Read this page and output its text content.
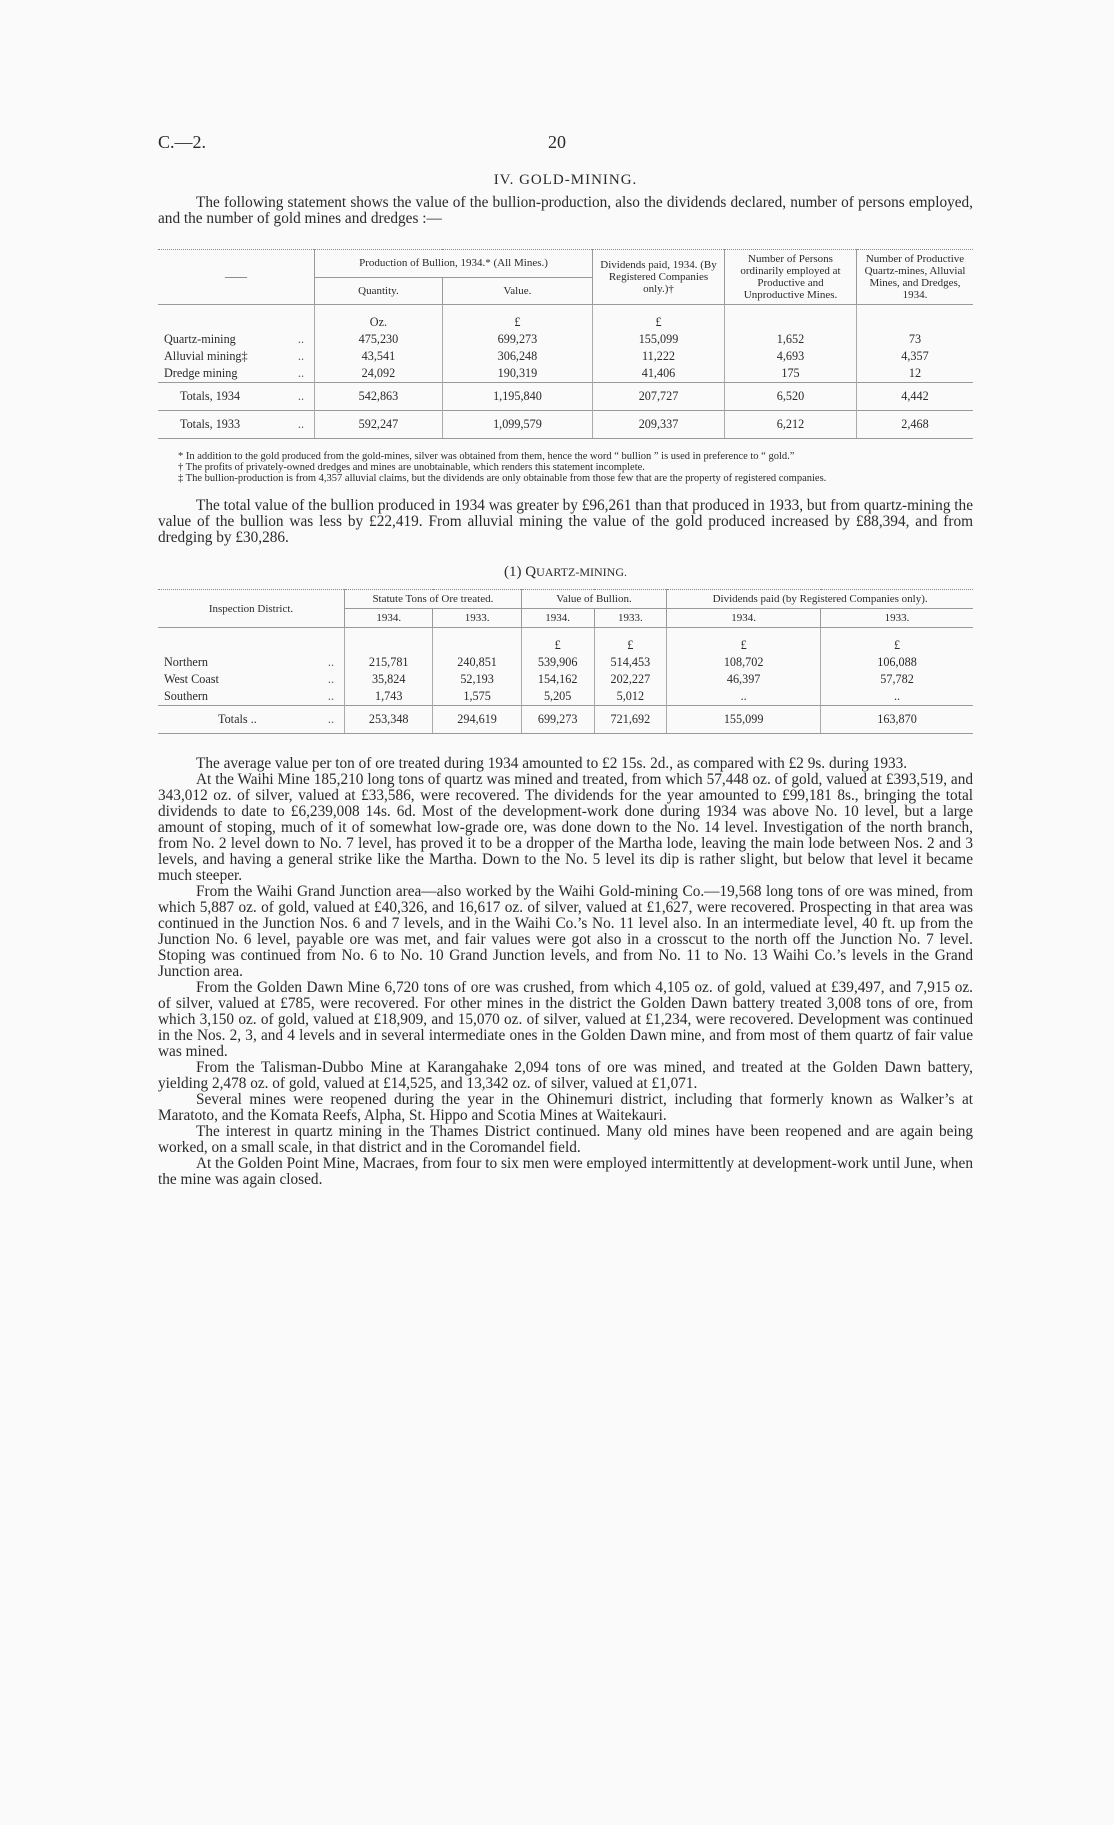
C.—2.	20
IV. GOLD-MINING.

The following statement shows the value of the bullion-production, also the dividends declared, number of persons employed, and the number of gold mines and dredges :—

——	Production of Bullion, 1934.* (All Mines.)		Dividends paid, 1934. (By Registered Companies only.)†	Number of Persons ordinarily employed at Productive and Unproductive Mines.	Number of Productive Quartz-mines, Alluvial Mines, and Dredges, 1934.
	Quantity.	Value.			
	Oz.	£	£		
Quartz-mining ..	475,230	699,273	155,099	1,652	73
Alluvial mining‡ ..	43,541	306,248	11,222	4,693	4,357
Dredge mining ..	24,092	190,319	41,406	175	12
Totals, 1934 ..	542,863	1,195,840	207,727	6,520	4,442
Totals, 1933 ..	592,247	1,099,579	209,337	6,212	2,468

* In addition to the gold produced from the gold-mines, silver was obtained from them, hence the word “ bullion ” is used in preference to “ gold.”

† The profits of privately-owned dredges and mines are unobtainable, which renders this statement incomplete.

‡ The bullion-production is from 4,357 alluvial claims, but the dividends are only obtainable from those few that are the property of registered companies.

The total value of the bullion produced in 1934 was greater by £96,261 than that produced in 1933, but from quartz-mining the value of the bullion was less by £22,419. From alluvial mining the value of the gold produced increased by £88,394, and from dredging by £30,286.

(1) QUARTZ-MINING.
Inspection District.	Statute Tons of Ore treated.		Value of Bullion.		Dividends paid (by Registered Companies only).	
	1934.	1933.	1934.	1933.	1934.	1933.
			£	£	£	£
Northern ..	215,781	240,851	539,906	514,453	108,702	106,088
West Coast ..	35,824	52,193	154,162	202,227	46,397	57,782
Southern ..	1,743	1,575	5,205	5,012	..	..
Totals .. ..	253,348	294,619	699,273	721,692	155,099	163,870

The average value per ton of ore treated during 1934 amounted to £2 15s. 2d., as compared with £2 9s. during 1933.

At the Waihi Mine 185,210 long tons of quartz was mined and treated, from which 57,448 oz. of gold, valued at £393,519, and 343,012 oz. of silver, valued at £33,586, were recovered. The dividends for the year amounted to £99,181 8s., bringing the total dividends to date to £6,239,008 14s. 6d. Most of the development-work done during 1934 was above No. 10 level, but a large amount of stoping, much of it of somewhat low-grade ore, was done down to the No. 14 level. Investigation of the north branch, from No. 2 level down to No. 7 level, has proved it to be a dropper of the Martha lode, leaving the main lode between Nos. 2 and 3 levels, and having a general strike like the Martha. Down to the No. 5 level its dip is rather slight, but below that level it became much steeper.

From the Waihi Grand Junction area—also worked by the Waihi Gold-mining Co.—19,568 long tons of ore was mined, from which 5,887 oz. of gold, valued at £40,326, and 16,617 oz. of silver, valued at £1,627, were recovered. Prospecting in that area was continued in the Junction Nos. 6 and 7 levels, and in the Waihi Co.’s No. 11 level also. In an intermediate level, 40 ft. up from the Junction No. 6 level, payable ore was met, and fair values were got also in a crosscut to the north off the Junction No. 7 level. Stoping was continued from No. 6 to No. 10 Grand Junction levels, and from No. 11 to No. 13 Waihi Co.’s levels in the Grand Junction area.

From the Golden Dawn Mine 6,720 tons of ore was crushed, from which 4,105 oz. of gold, valued at £39,497, and 7,915 oz. of silver, valued at £785, were recovered. For other mines in the district the Golden Dawn battery treated 3,008 tons of ore, from which 3,150 oz. of gold, valued at £18,909, and 15,070 oz. of silver, valued at £1,234, were recovered. Development was continued in the Nos. 2, 3, and 4 levels and in several intermediate ones in the Golden Dawn mine, and from most of them quartz of fair value was mined.

From the Talisman-Dubbo Mine at Karangahake 2,094 tons of ore was mined, and treated at the Golden Dawn battery, yielding 2,478 oz. of gold, valued at £14,525, and 13,342 oz. of silver, valued at £1,071.

Several mines were reopened during the year in the Ohinemuri district, including that formerly known as Walker’s at Maratoto, and the Komata Reefs, Alpha, St. Hippo and Scotia Mines at Waitekauri.

The interest in quartz mining in the Thames District continued. Many old mines have been reopened and are again being worked, on a small scale, in that district and in the Coromandel field.

At the Golden Point Mine, Macraes, from four to six men were employed intermittently at development-work until June, when the mine was again closed.
